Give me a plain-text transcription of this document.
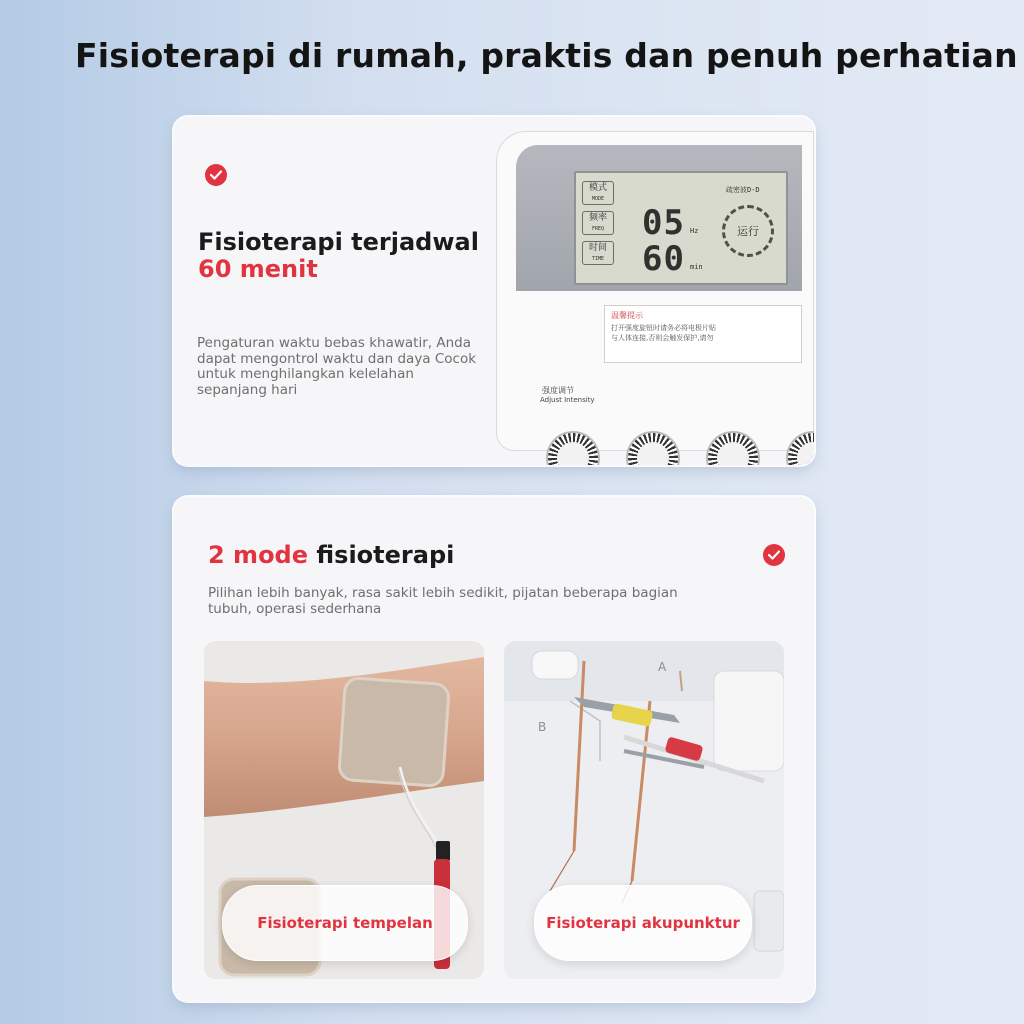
Fisioterapi di rumah, praktis dan penuh perhatian
Fisioterapi terjadwal
60 menit
Pengaturan waktu bebas khawatir, Anda
dapat mengontrol waktu dan daya Cocok
untuk menghilangkan kelelahan
sepanjang hari
模式
MODE
频率
FREQ
时间
TIME
疏密波D-D
05 Hz
60 min
运行
温馨提示
打开强度旋钮时请务必将电极片贴
与人体连接,否则会触发保护,请勿
强度调节
Adjust Intensity
2 mode fisioterapi
Pilihan lebih banyak, rasa sakit lebih sedikit, pijatan beberapa bagian
tubuh, operasi sederhana
Fisioterapi tempelan
B
A
Fisioterapi akupunktur
